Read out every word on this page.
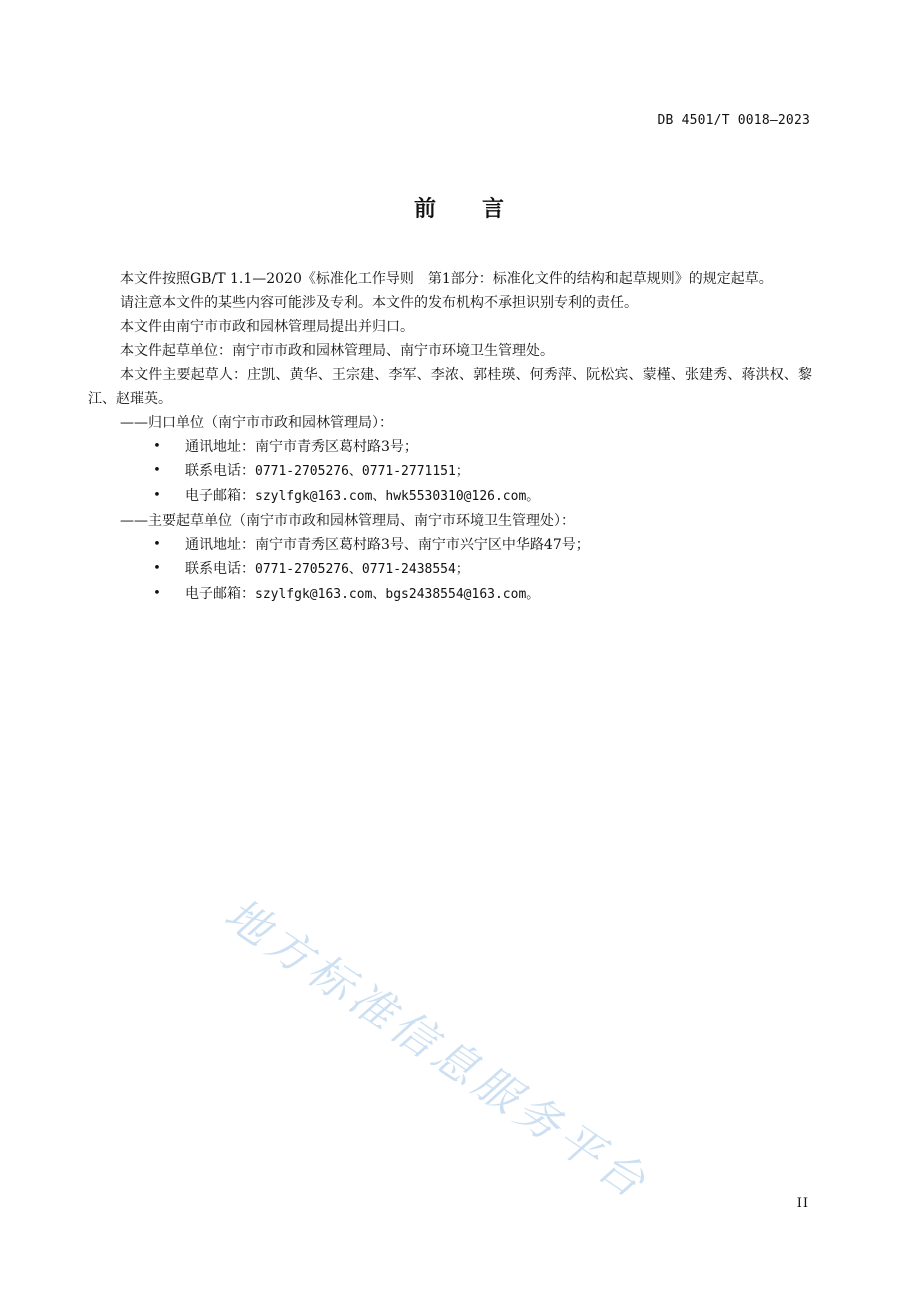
DB 4501/T 0018—2023
前 言

本文件按照GB/T 1.1—2020《标准化工作导则　第1部分：标准化文件的结构和起草规则》的规定起草。

请注意本文件的某些内容可能涉及专利。本文件的发布机构不承担识别专利的责任。

本文件由南宁市市政和园林管理局提出并归口。

本文件起草单位：南宁市市政和园林管理局、南宁市环境卫生管理处。

本文件主要起草人：庄凯、黄华、王宗建、李军、李浓、郭桂瑛、何秀萍、阮松宾、蒙槿、张建秀、蒋洪权、黎江、赵璀英。

——归口单位（南宁市市政和园林管理局）：

• 通讯地址：南宁市青秀区葛村路3号；
• 联系电话：0771-2705276、0771-2771151；
• 电子邮箱：szylfgk@163.com、hwk5530310@126.com。

——主要起草单位（南宁市市政和园林管理局、南宁市环境卫生管理处）：

• 通讯地址：南宁市青秀区葛村路3号、南宁市兴宁区中华路47号；
• 联系电话：0771-2705276、0771-2438554；
• 电子邮箱：szylfgk@163.com、bgs2438554@163.com。
地方标准信息服务平台	II
